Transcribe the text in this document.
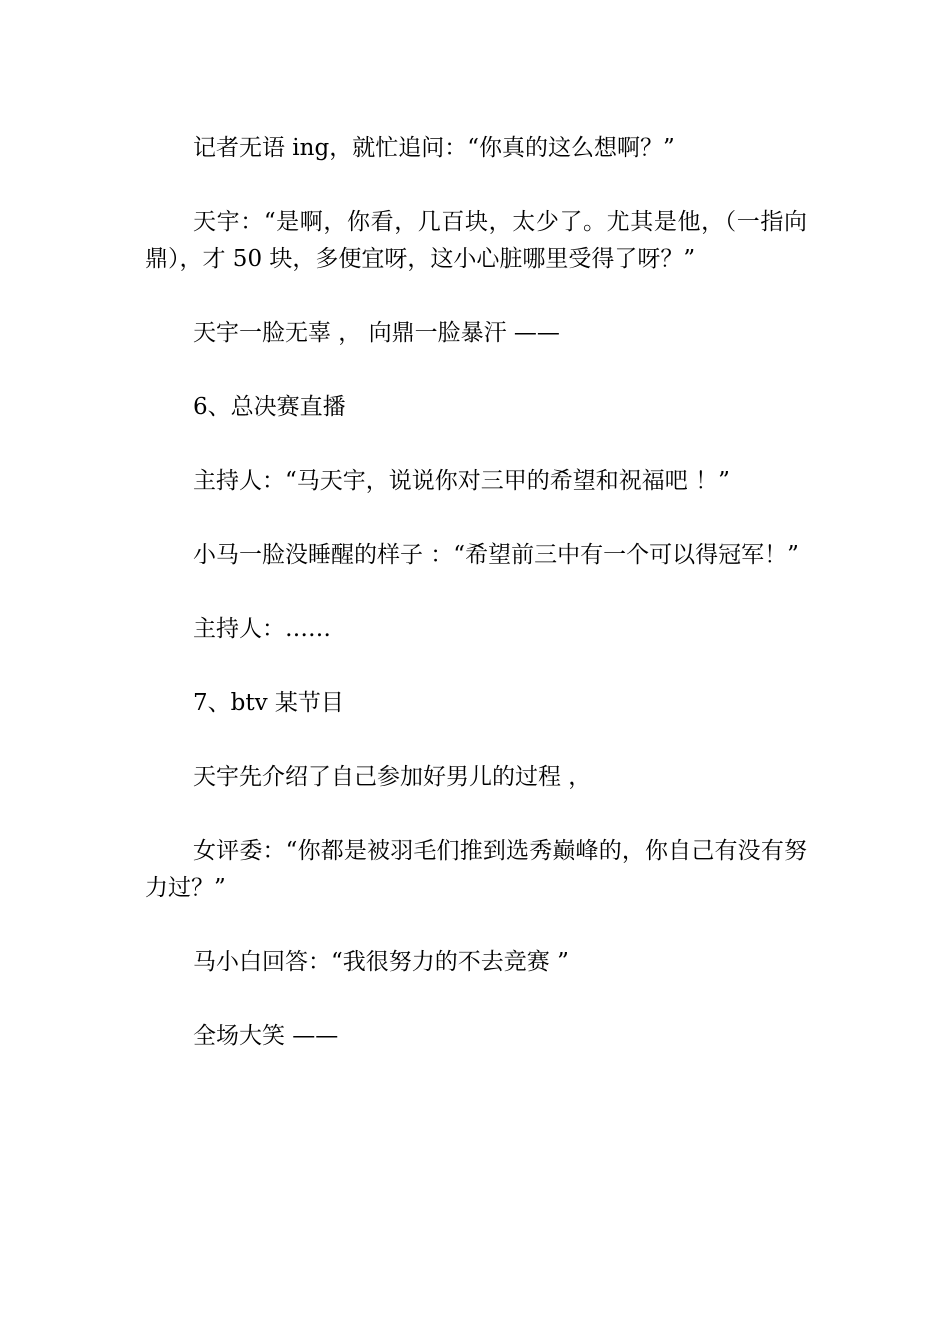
记者无语 ing，就忙追问：“你真的这么想啊？”

天宇：“是啊，你看，几百块，太少了。尤其是他，（一指向鼎），才 50 块，多便宜呀，这小心脏哪里受得了呀？”

天宇一脸无辜 ， 向鼎一脸暴汗 ——

6、总决赛直播

主持人：“马天宇，说说你对三甲的希望和祝福吧 ！”

小马一脸没睡醒的样子 ：“希望前三中有一个可以得冠军！”

主持人：……

7、btv 某节目

天宇先介绍了自己参加好男儿的过程 ，

女评委：“你都是被羽毛们推到选秀巅峰的，你自己有没有努力过？”

马小白回答：“我很努力的不去竞赛 ”

全场大笑 ——
